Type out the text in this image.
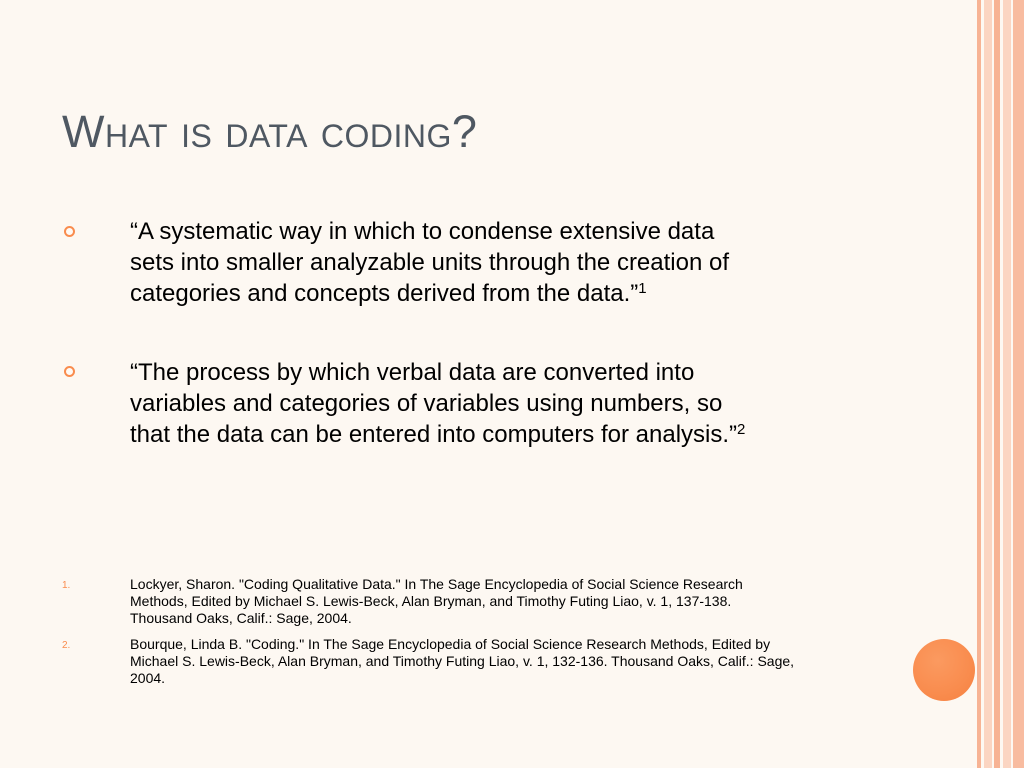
What is data coding?
“A systematic way in which to condense extensive data
sets into smaller analyzable units through the creation of
categories and concepts derived from the data.”$^1$
“The process by which verbal data are converted into
variables and categories of variables using numbers, so
that the data can be entered into computers for analysis.”$^2$
1.	Lockyer, Sharon. "Coding Qualitative Data." In The Sage Encyclopedia of Social Science Research
Methods, Edited by Michael S. Lewis-Beck, Alan Bryman, and Timothy Futing Liao, v. 1, 137-138.
Thousand Oaks, Calif.: Sage, 2004.
2.	Bourque, Linda B. "Coding." In The Sage Encyclopedia of Social Science Research Methods, Edited by
Michael S. Lewis-Beck, Alan Bryman, and Timothy Futing Liao, v. 1, 132-136. Thousand Oaks, Calif.: Sage,
2004.
